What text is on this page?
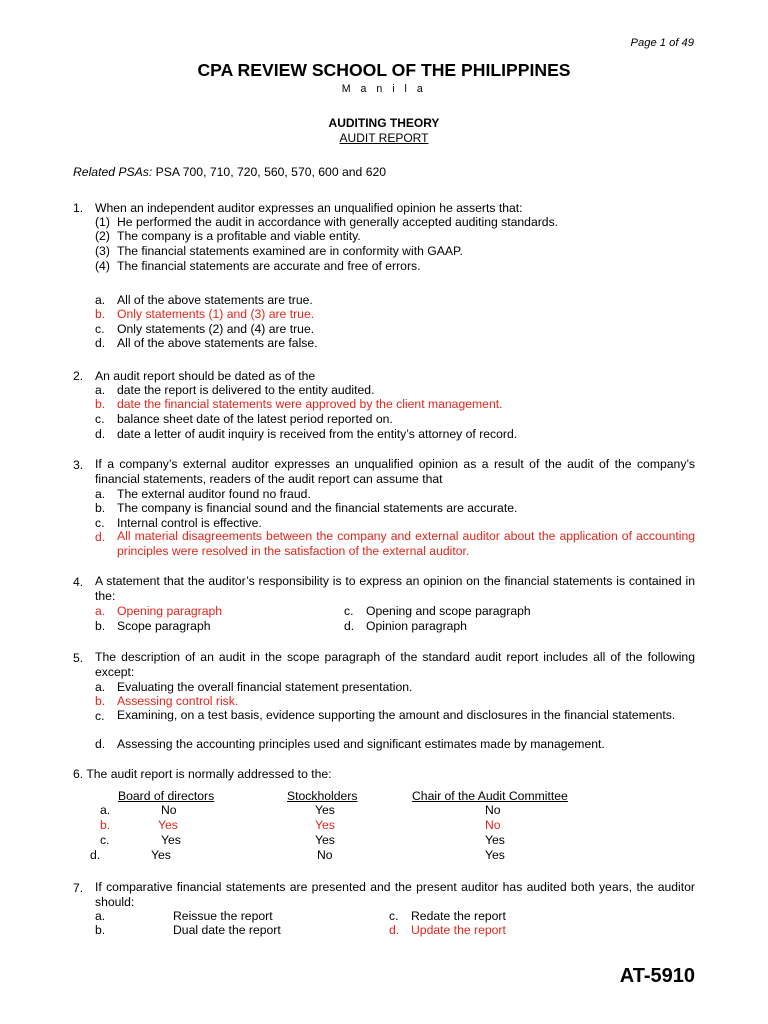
Page 1 of 49
CPA REVIEW SCHOOL OF THE PHILIPPINES
M a n i l a
AUDITING THEORY
AUDIT REPORT
Related PSAs: PSA 700, 710, 720, 560, 570, 600 and 620
1. When an independent auditor expresses an unqualified opinion he asserts that:
(1) He performed the audit in accordance with generally accepted auditing standards.
(2) The company is a profitable and viable entity.
(3) The financial statements examined are in conformity with GAAP.
(4) The financial statements are accurate and free of errors.
a. All of the above statements are true.
b. Only statements (1) and (3) are true.
c. Only statements (2) and (4) are true.
d. All of the above statements are false.
2. An audit report should be dated as of the
a. date the report is delivered to the entity audited.
b. date the financial statements were approved by the client management.
c. balance sheet date of the latest period reported on.
d. date a letter of audit inquiry is received from the entity’s attorney of record.
3. If a company’s external auditor expresses an unqualified opinion as a result of the audit of the company’s financial statements, readers of the audit report can assume that
a. The external auditor found no fraud.
b. The company is financial sound and the financial statements are accurate.
c. Internal control is effective.
d. All material disagreements between the company and external auditor about the application of accounting principles were resolved in the satisfaction of the external auditor.
4. A statement that the auditor’s responsibility is to express an opinion on the financial statements is contained in the:
a. Opening paragraph
b. Scope paragraph
c. Opening and scope paragraph
d. Opinion paragraph
5. The description of an audit in the scope paragraph of the standard audit report includes all of the following except:
a. Evaluating the overall financial statement presentation.
b. Assessing control risk.
c. Examining, on a test basis, evidence supporting the amount and disclosures in the financial statements.
d. Assessing the accounting principles used and significant estimates made by management.
6. The audit report is normally addressed to the:
Board of directors	Stockholders	Chair of the Audit Committee
a.	No	Yes	No
b.	Yes	Yes	No
c.	Yes	Yes	Yes
d.	Yes	No	Yes
7. If comparative financial statements are presented and the present auditor has audited both years, the auditor should:
a.	Reissue the report
b.	Dual date the report
c. Redate the report
d. Update the report
AT-5910
